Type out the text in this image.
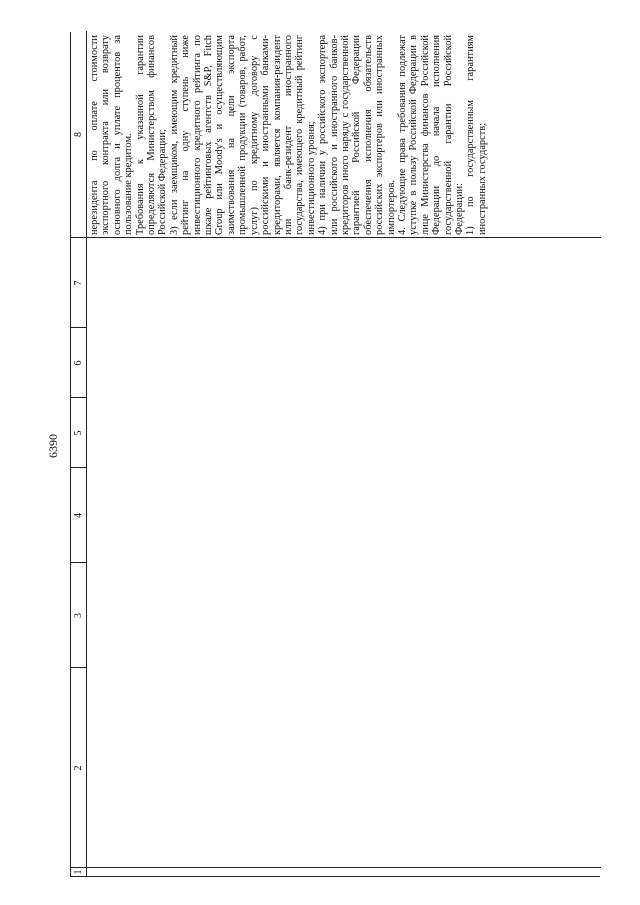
6390
1
2
3
4
5
6
7
8 нерезидента по оплате стоимости экспортного контракта или возврату основного долга и уплате процентов за пользование кредитом. Требования к указанной гарантии определяются Министерством финансов Российской Федерации; 3) если заемщиком, имеющим кредитный рейтинг на одну ступень ниже инвестиционного кредитного рейтинга по шкале рейтинговых агентств S&P, Fitch Group или Moody's и осуществляющим заимствования на цели экспорта промышленной продукции (товаров, работ, услуг) по кредитному договору с российскими и иностранными банками-кредиторами, является компания-резидент или банк-резидент иностранного государства, имеющего кредитный рейтинг инвестиционного уровня; 4) при наличии у российского экспортера или российского и иностранного банков-кредиторов иного наряду с государственной гарантией Российской Федерации обеспечения исполнения обязательств российских экспортеров или иностранных импортеров. 4. Следующие права требования подлежат уступке в пользу Российской Федерации в лице Министерства финансов Российской Федерации до начала исполнения государственной гарантии Российской Федерации: 1) по государственным гарантиям иностранных государств;
